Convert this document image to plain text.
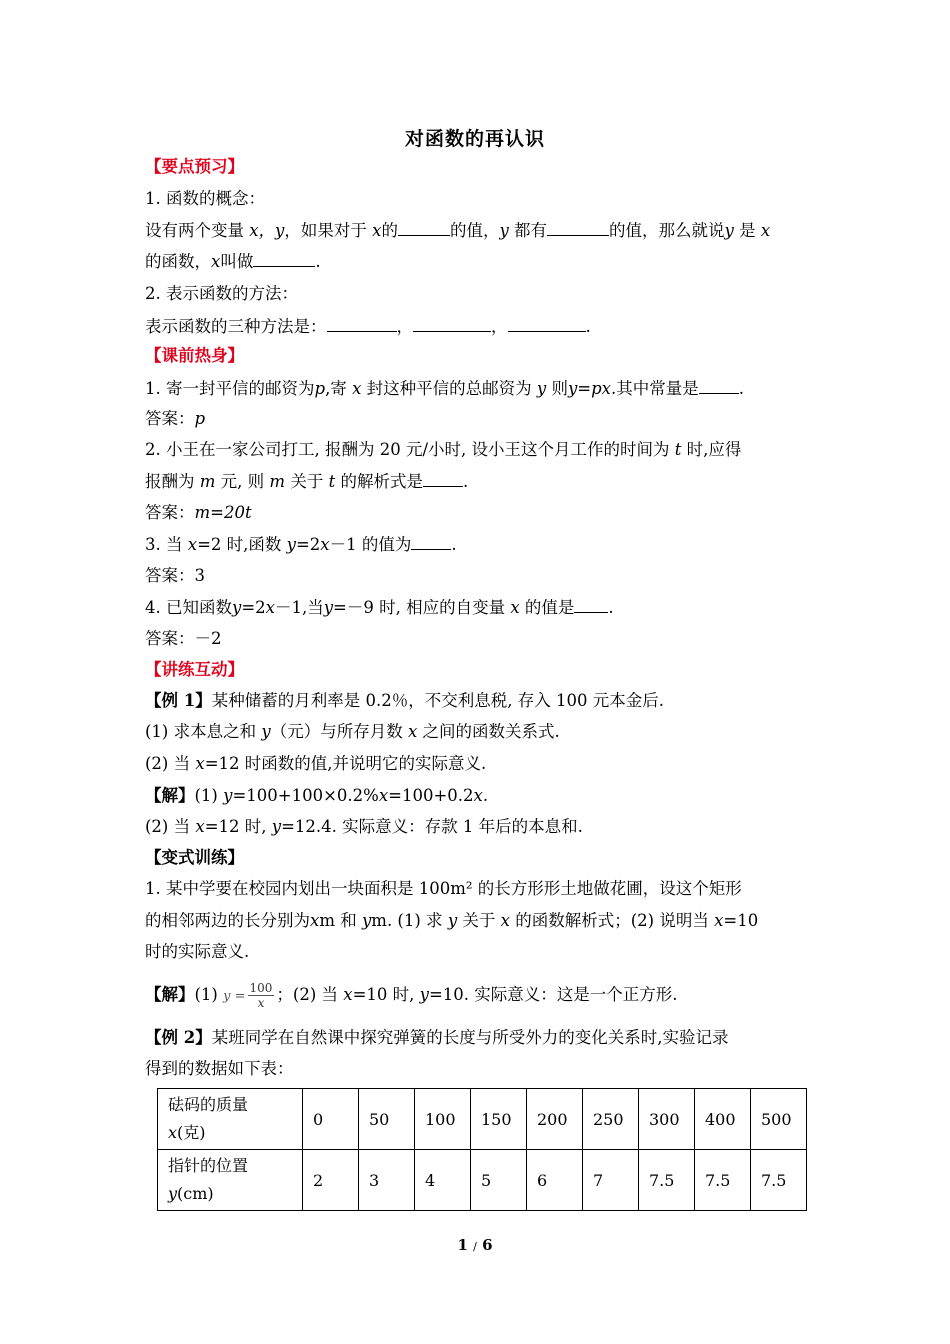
对函数的再认识
【要点预习】
1. 函数的概念：
设有两个变量 x，y，如果对于 x的	的值，y 都有	的值，那么就说y 是 x
的函数，x叫做	.
2. 表示函数的方法：
表示函数的三种方法是：	，	，	.
【课前热身】
1. 寄一封平信的邮资为p,寄 x 封这种平信的总邮资为 y 则y=px.其中常量是 .
答案：p
2. 小王在一家公司打工, 报酬为 20 元/小时, 设小王这个月工作的时间为 t 时,应得
报酬为 m 元, 则 m 关于 t 的解析式是 .
答案：m=20t
3. 当 x=2 时,函数 y=2x－1 的值为 .
答案：3
4. 已知函数y=2x－1,当y=－9 时, 相应的自变量 x 的值是 .
答案：－2
【讲练互动】
【例 1】某种储蓄的月利率是 0.2％，不交利息税, 存入 100 元本金后.
(1) 求本息之和 y（元）与所存月数 x 之间的函数关系式.
(2) 当 x=12 时函数的值,并说明它的实际意义.
【解】(1) y=100+100×0.2%x=100+0.2x.
(2) 当 x=12 时, y=12.4. 实际意义：存款 1 年后的本息和.
【变式训练】
1. 某中学要在校园内划出一块面积是 100m² 的长方形形土地做花圃，设这个矩形
的相邻两边的长分别为xm 和 ym. (1) 求 y 关于 x 的函数解析式；(2) 说明当 x=10
时的实际意义.
【解】(1) $y = \frac{100}{x}$ ；(2) 当 x=10 时, y=10. 实际意义：这是一个正方形.
【例 2】某班同学在自然课中探究弹簧的长度与所受外力的变化关系时,实验记录
得到的数据如下表：
砝码的质量
x(克)	0	50	100	150	200	250	300	400	500
指针的位置
y(cm)	2	3	4	5	6	7	7.5	7.5	7.5
1 / 6
